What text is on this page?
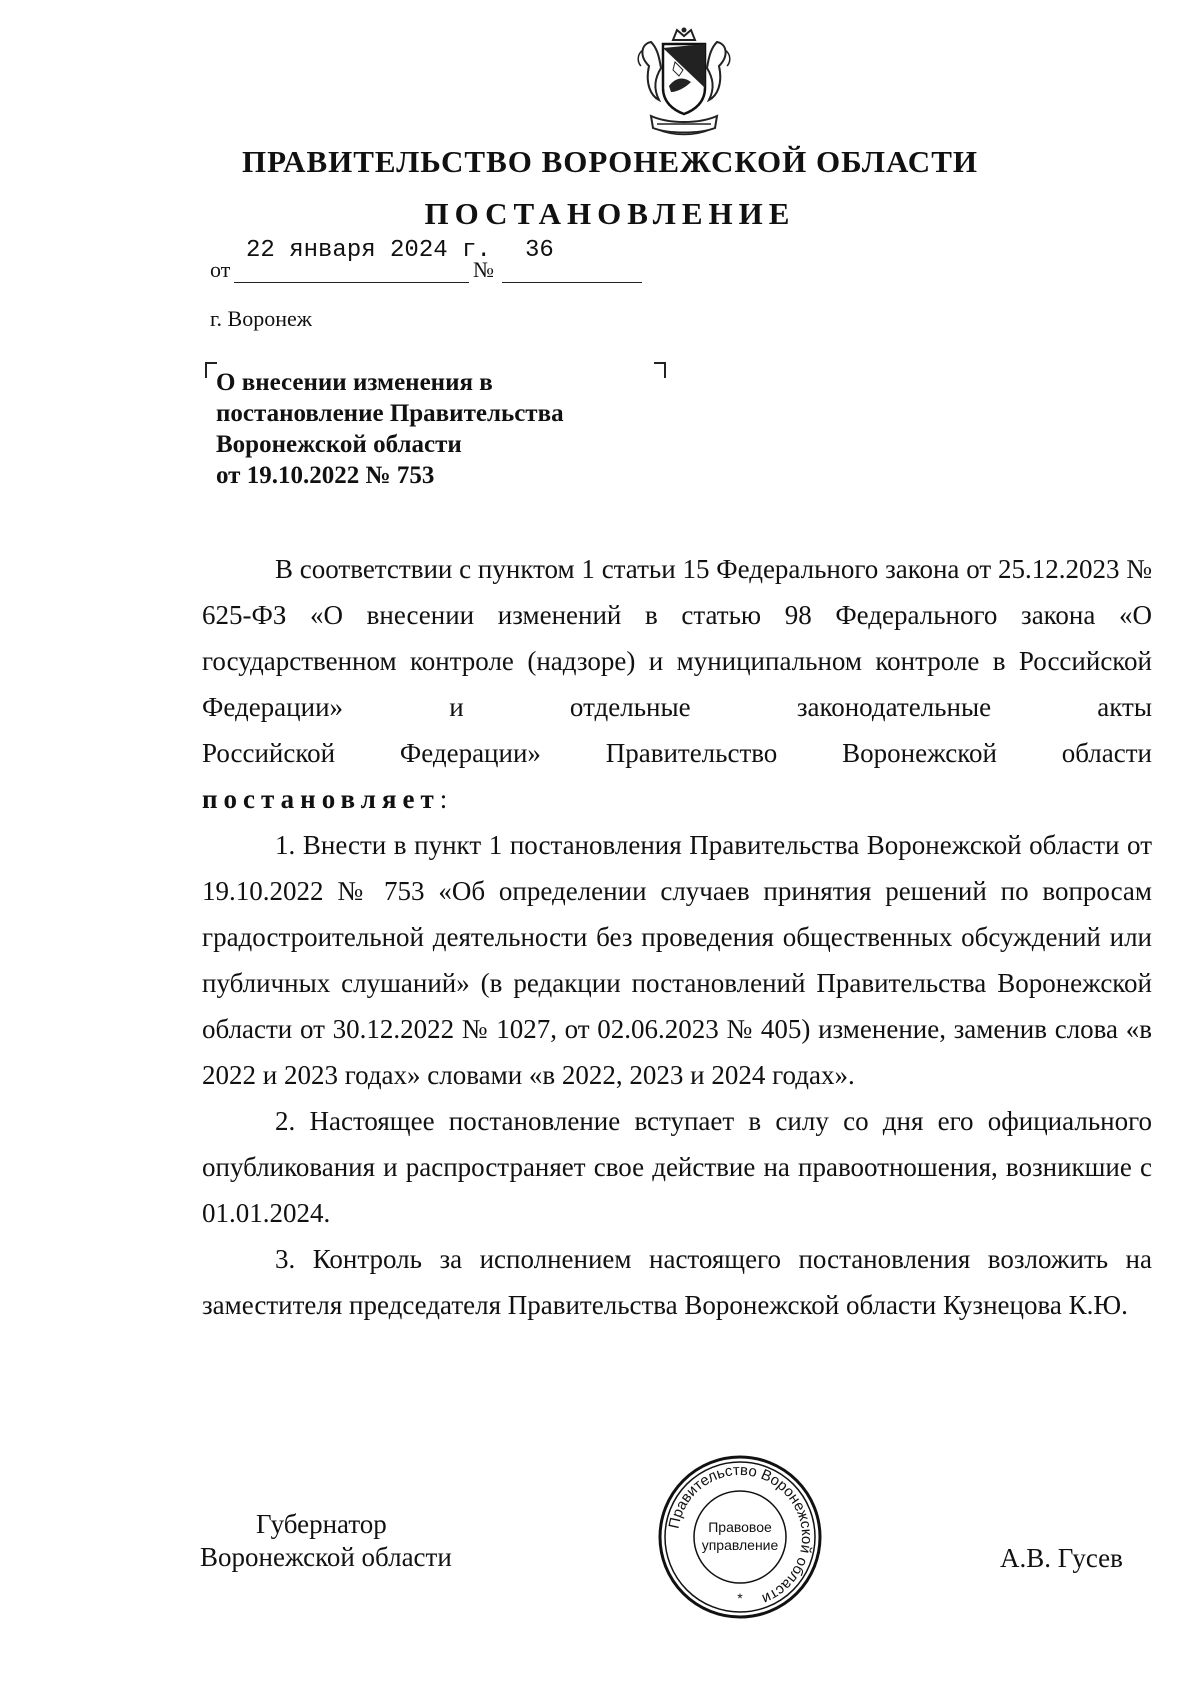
ПРАВИТЕЛЬСТВО ВОРОНЕЖСКОЙ ОБЛАСТИ
ПОСТАНОВЛЕНИЕ
от
22 января 2024 г.
№
36
г. Воронеж
О внесении изменения в
постановление Правительства
Воронежской области
от 19.10.2022 № 753
В соответствии с пунктом 1 статьи 15 Федерального закона от 25.12.2023 № 625-ФЗ «О внесении изменений в статью 98 Федерального закона «О государственном контроле (надзоре) и муниципальном контроле в Российской Федерации» и отдельные законодательные акты
Российской Федерации» Правительство Воронежской области
постановляет:
1. Внести в пункт 1 постановления Правительства Воронежской области от 19.10.2022 № 753 «Об определении случаев принятия решений по вопросам градостроительной деятельности без проведения общественных обсуждений или публичных слушаний» (в редакции постановлений Правительства Воронежской области от 30.12.2022 № 1027, от 02.06.2023 № 405) изменение, заменив слова «в 2022 и 2023 годах» словами «в 2022, 2023 и 2024 годах».
2. Настоящее постановление вступает в силу со дня его официального опубликования и распространяет свое действие на правоотношения, возникшие с 01.01.2024.
3. Контроль за исполнением настоящего постановления возложить на заместителя председателя Правительства Воронежской области Кузнецова К.Ю.
Губернатор
Воронежской области	А.В. Гусев
Правительство Воронежской области
Правовое
управление
*
